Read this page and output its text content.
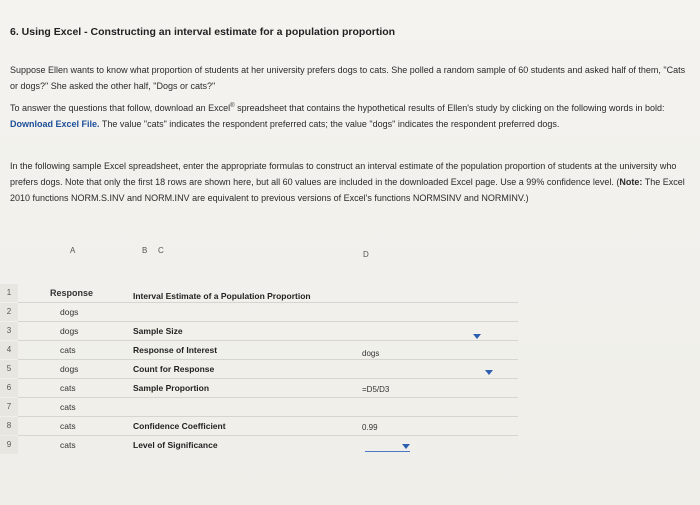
6. Using Excel - Constructing an interval estimate for a population proportion
Suppose Ellen wants to know what proportion of students at her university prefers dogs to cats. She polled a random sample of 60 students and asked half of them, "Cats or dogs?" She asked the other half, "Dogs or cats?"
To answer the questions that follow, download an Excel® spreadsheet that contains the hypothetical results of Ellen's study by clicking on the following words in bold: Download Excel File. The value "cats" indicates the respondent preferred cats; the value "dogs" indicates the respondent preferred dogs.
In the following sample Excel spreadsheet, enter the appropriate formulas to construct an interval estimate of the population proportion of students at the university who prefers dogs. Note that only the first 18 rows are shown here, but all 60 values are included in the downloaded Excel page. Use a 99% confidence level. (Note: The Excel 2010 functions NORM.S.INV and NORM.INV are equivalent to previous versions of Excel's functions NORMSINV and NORMINV.)
A	B C	D
1	Response	Interval Estimate of a Population Proportion
2	dogs
3	dogs	Sample Size
4	cats	Response of Interest	dogs
5	dogs	Count for Response
6	cats	Sample Proportion	=D5/D3
7	cats
8	cats	Confidence Coefficient	0.99
9	cats	Level of Significance
